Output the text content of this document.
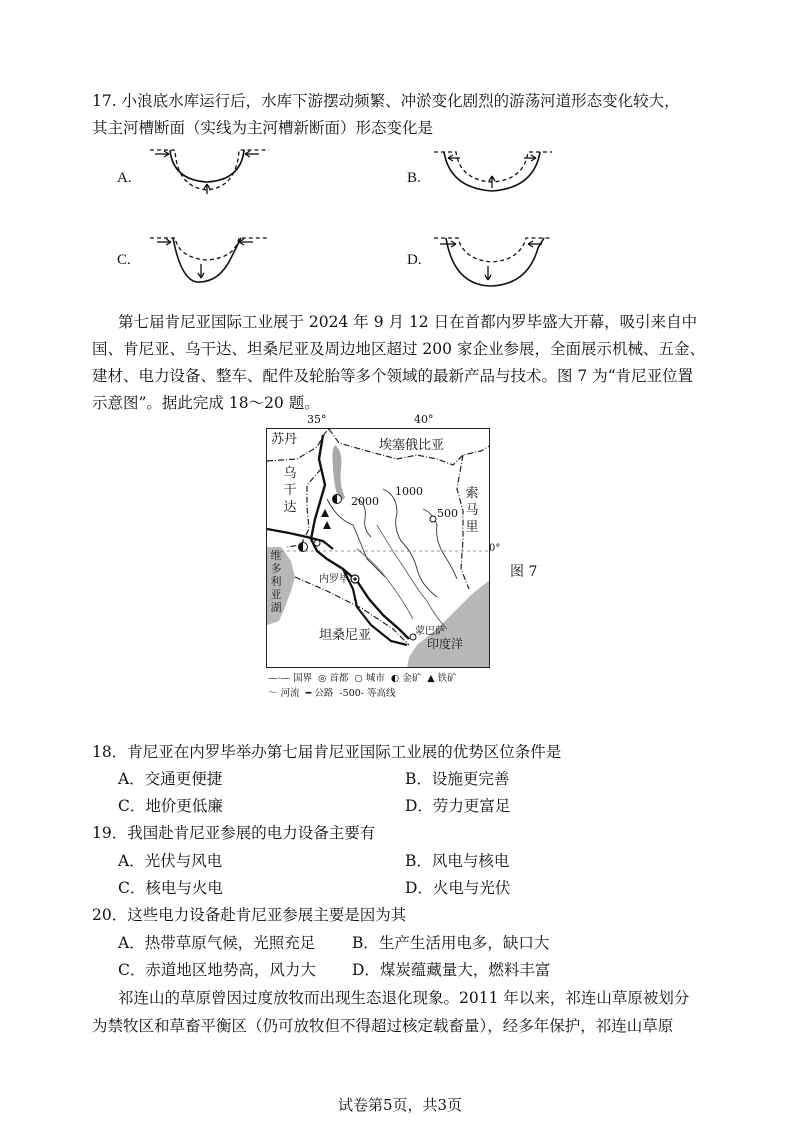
17. 小浪底水库运行后，水库下游摆动频繁、冲淤变化剧烈的游荡河道形态变化较大，
其主河槽断面（实线为主河槽新断面）形态变化是
A.	B.
C.	D.
第七届肯尼亚国际工业展于 2024 年 9 月 12 日在首都内罗毕盛大开幕，吸引来自中
国、肯尼亚、乌干达、坦桑尼亚及周边地区超过 200 家企业参展，全面展示机械、五金、
建材、电力设备、整车、配件及轮胎等多个领域的最新产品与技术。图 7 为“肯尼亚位置
示意图”。据此完成 18～20 题。
35°	40°
苏丹	埃塞俄比亚
乌
干
达
索
马
里
维
多
利
亚
湖
坦桑尼亚
印度洋
内罗毕
蒙巴萨
2000
1000
500
0°
图 7
—·— 国界  ◎ 首都  ○ 城市  ◐ 金矿  ▲ 铁矿
〜 河流  ━ 公路  -500- 等高线
18．肯尼亚在内罗毕举办第七届肯尼亚国际工业展的优势区位条件是
A．交通更便捷	B．设施更完善
C．地价更低廉	D．劳力更富足
19．我国赴肯尼亚参展的电力设备主要有
A．光伏与风电	B．风电与核电
C．核电与火电	D．火电与光伏
20．这些电力设备赴肯尼亚参展主要是因为其
A．热带草原气候，光照充足 B．生产生活用电多，缺口大
C．赤道地区地势高，风力大 D．煤炭蕴藏量大，燃料丰富
祁连山的草原曾因过度放牧而出现生态退化现象。2011 年以来，祁连山草原被划分
为禁牧区和草畜平衡区（仍可放牧但不得超过核定载畜量），经多年保护，祁连山草原
试卷第5页，共3页
